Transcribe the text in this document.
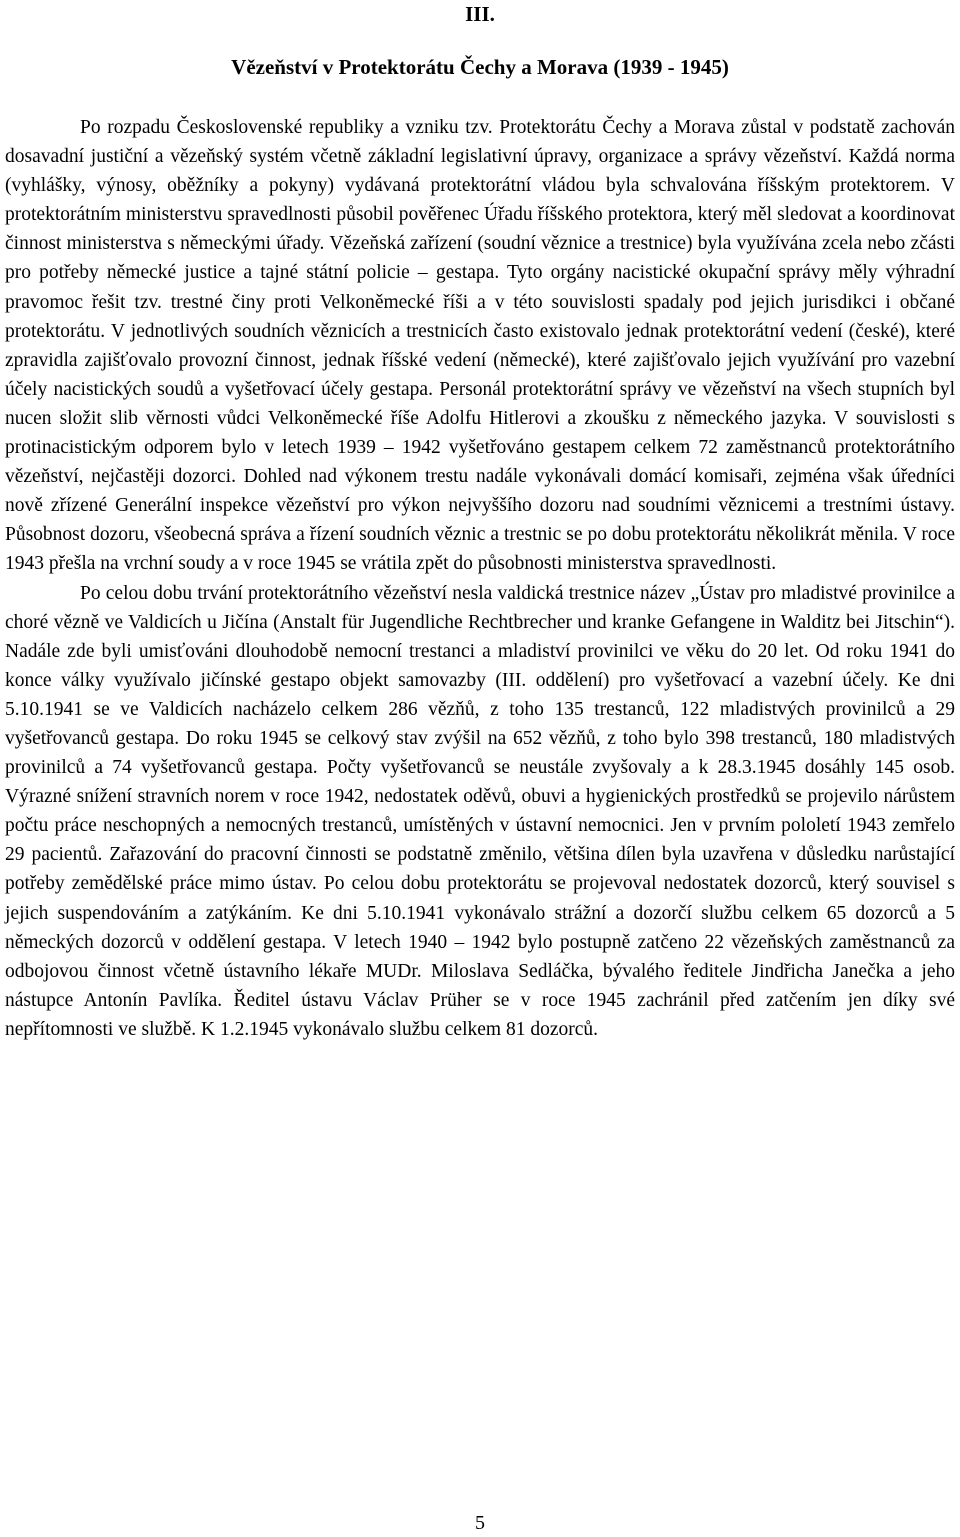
III.
Vězeňství v Protektorátu Čechy a Morava (1939 - 1945)

Po rozpadu Československé republiky a vzniku tzv. Protektorátu Čechy a Morava zůstal v podstatě zachován dosavadní justiční a vězeňský systém včetně základní legislativní úpravy, organizace a správy vězeňství. Každá norma (vyhlášky, výnosy, oběžníky a pokyny) vydávaná protektorátní vládou byla schvalována říšským protektorem. V protektorátním ministerstvu spravedlnosti působil pověřenec Úřadu říšského protektora, který měl sledovat a koordinovat činnost ministerstva s německými úřady. Vězeňská zařízení (soudní věznice a trestnice) byla využívána zcela nebo zčásti pro potřeby německé justice a tajné státní policie – gestapa. Tyto orgány nacistické okupační správy měly výhradní pravomoc řešit tzv. trestné činy proti Velkoněmecké říši a v této souvislosti spadaly pod jejich jurisdikci i občané protektorátu. V jednotlivých soudních věznicích a trestnicích často existovalo jednak protektorátní vedení (české), které zpravidla zajišťovalo provozní činnost, jednak říšské vedení (německé), které zajišťovalo jejich využívání pro vazební účely nacistických soudů a vyšetřovací účely gestapa. Personál protektorátní správy ve vězeňství na všech stupních byl nucen složit slib věrnosti vůdci Velkoněmecké říše Adolfu Hitlerovi a zkoušku z německého jazyka. V souvislosti s protinacistickým odporem bylo v letech 1939 – 1942 vyšetřováno gestapem celkem 72 zaměstnanců protektorátního vězeňství, nejčastěji dozorci. Dohled nad výkonem trestu nadále vykonávali domácí komisaři, zejména však úředníci nově zřízené Generální inspekce vězeňství pro výkon nejvyššího dozoru nad soudními věznicemi a trestními ústavy. Působnost dozoru, všeobecná správa a řízení soudních věznic a trestnic se po dobu protektorátu několikrát měnila. V roce 1943 přešla na vrchní soudy a v roce 1945 se vrátila zpět do působnosti ministerstva spravedlnosti.

Po celou dobu trvání protektorátního vězeňství nesla valdická trestnice název „Ústav pro mladistvé provinilce a choré vězně ve Valdicích u Jičína (Anstalt für Jugendliche Rechtbrecher und kranke Gefangene in Walditz bei Jitschin“). Nadále zde byli umisťováni dlouhodobě nemocní trestanci a mladiství provinilci ve věku do 20 let. Od roku 1941 do konce války využívalo jičínské gestapo objekt samovazby (III. oddělení) pro vyšetřovací a vazební účely. Ke dni 5.10.1941 se ve Valdicích nacházelo celkem 286 vězňů, z toho 135 trestanců, 122 mladistvých provinilců a 29 vyšetřovanců gestapa. Do roku 1945 se celkový stav zvýšil na 652 vězňů, z toho bylo 398 trestanců, 180 mladistvých provinilců a 74 vyšetřovanců gestapa. Počty vyšetřovanců se neustále zvyšovaly a k 28.3.1945 dosáhly 145 osob. Výrazné snížení stravních norem v roce 1942, nedostatek oděvů, obuvi a hygienických prostředků se projevilo nárůstem počtu práce neschopných a nemocných trestanců, umístěných v ústavní nemocnici. Jen v prvním pololetí 1943 zemřelo 29 pacientů. Zařazování do pracovní činnosti se podstatně změnilo, většina dílen byla uzavřena v důsledku narůstající potřeby zemědělské práce mimo ústav. Po celou dobu protektorátu se projevoval nedostatek dozorců, který souvisel s jejich suspendováním a zatýkáním. Ke dni 5.10.1941 vykonávalo strážní a dozorčí službu celkem 65 dozorců a 5 německých dozorců v oddělení gestapa. V letech 1940 – 1942 bylo postupně zatčeno 22 vězeňských zaměstnanců za odbojovou činnost včetně ústavního lékaře MUDr. Miloslava Sedláčka, bývalého ředitele Jindřicha Janečka a jeho nástupce Antonín Pavlíka. Ředitel ústavu Václav Prüher se v roce 1945 zachránil před zatčením jen díky své nepřítomnosti ve službě. K 1.2.1945 vykonávalo službu celkem 81 dozorců.

5
